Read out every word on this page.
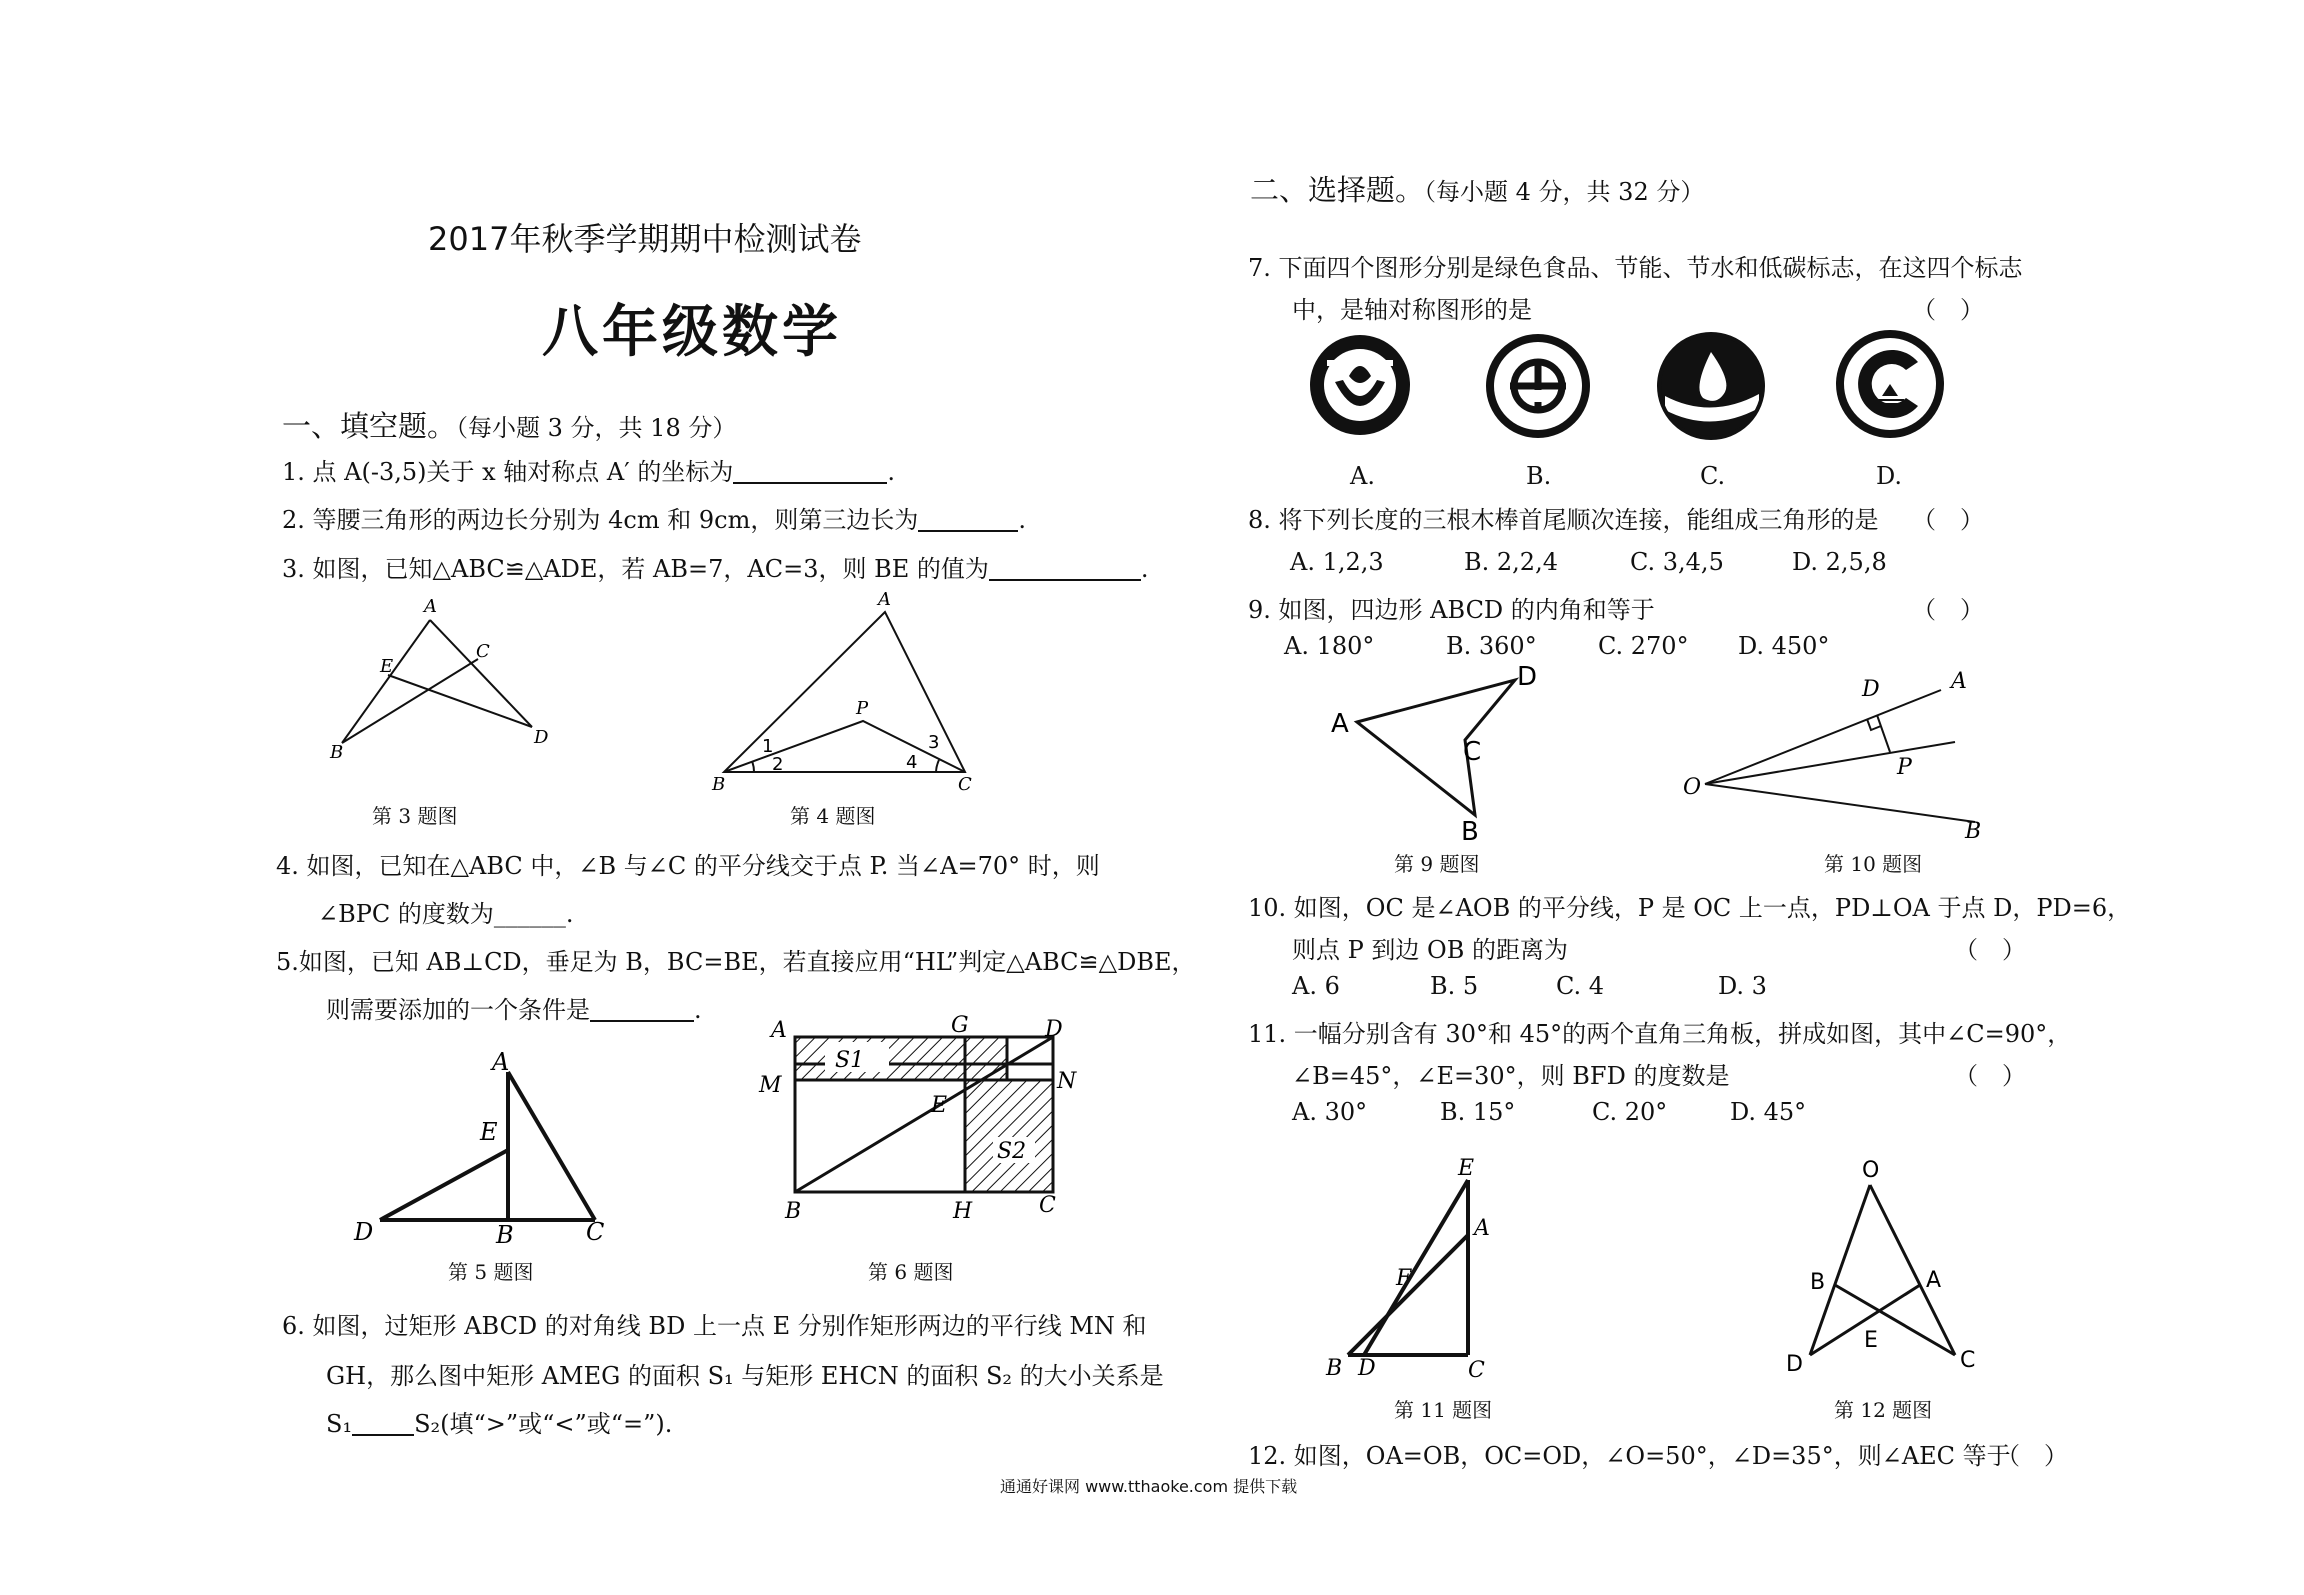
2017年秋季学期期中检测试卷
八年级数学
一、填空题。（每小题 3 分，共 18 分）
1. 点 A(-3,5)关于 x 轴对称点 A′ 的坐标为	.
2. 等腰三角形的两边长分别为 4cm 和 9cm，则第三边长为	.
3. 如图，已知△ABC≌△ADE，若 AB=7，AC=3，则 BE 的值为	.
A
E
C
B
D
第 3 题图
A
P
1
2
3
4
B	C
第 4 题图
4. 如图，已知在△ABC 中，∠B 与∠C 的平分线交于点 P. 当∠A=70° 时，则
∠BPC 的度数为______.
5.如图，已知 AB⊥CD，垂足为 B，BC=BE，若直接应用“HL”判定△ABC≌△DBE，
则需要添加的一个条件是	.
A
E
D	B	C
第 5 题图
A	G	D
M	N
S1
E
S2
B	H	C
第 6 题图
6. 如图，过矩形 ABCD 的对角线 BD 上一点 E 分别作矩形两边的平行线 MN 和
GH，那么图中矩形 AMEG 的面积 S₁ 与矩形 EHCN 的面积 S₂ 的大小关系是
S₁	S₂(填“>”或“<”或“=”).
二、选择题。（每小题 4 分，共 32 分）
7. 下面四个图形分别是绿色食品、节能、节水和低碳标志，在这四个标志
中，是轴对称图形的是	（　）
A.	B.	C.	D.
8. 将下列长度的三根木棒首尾顺次连接，能组成三角形的是 （　）
A. 1,2,3	B. 2,2,4	C. 3,4,5	D. 2,5,8
9. 如图，四边形 ABCD 的内角和等于	（　）
A. 180°	B. 360°	C. 270° D. 450°
D
A
C
B
第 9 题图
D	A
P
O
B
第 10 题图
10. 如图，OC 是∠AOB 的平分线，P 是 OC 上一点，PD⊥OA 于点 D，PD=6，
则点 P 到边 OB 的距离为	（　）
A. 6	B. 5	C. 4	D. 3
11. 一幅分别含有 30°和 45°的两个直角三角板，拼成如图，其中∠C=90°，
∠B=45°，∠E=30°，则 BFD 的度数是	（　）
A. 30°	B. 15°	C. 20°	D. 45°
E
A
F
B D	C
第 11 题图
O
B	A
E
D	C
第 12 题图
12. 如图，OA=OB，OC=OD，∠O=50°，∠D=35°，则∠AEC 等于
（　）
通通好课网 www.tthaoke.com 提供下载
